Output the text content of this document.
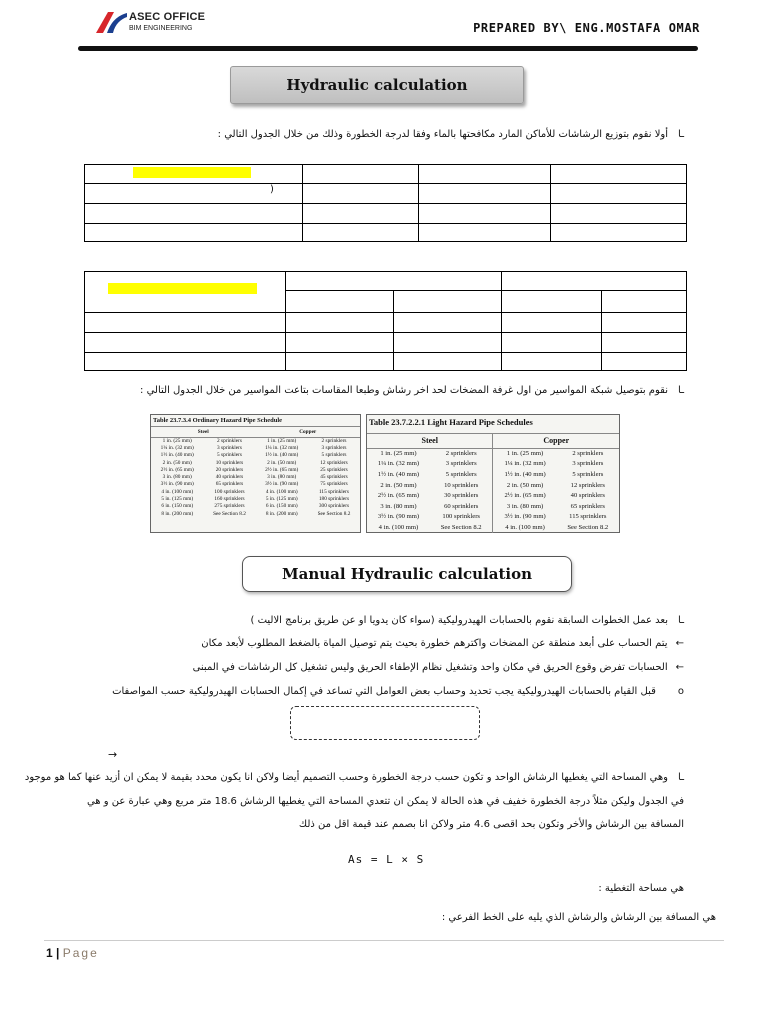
ASEC OFFICE
BIM ENGINEERING	PREPARED BY\ ENG.MOSTAFA OMAR
Hydraulic calculation
ـاأولا نقوم بتوزيع الرشاشات للأماكن المارد مكافحتها بالماء وفقا لدرجة الخطورة وذلك من خلال الجدول التالي :

)

ـانقوم بتوصيل شبكة المواسير من اول غرفة المضخات لحد اخر رشاش وطبعا المقاسات بتاعت المواسير من خلال الجدول التالي :
Table 23.7.3.4 Ordinary Hazard Pipe Schedule
Steel		Copper	
1 in. (25 mm)	2 sprinklers	1 in. (25 mm)	2 sprinklers
1¼ in. (32 mm)	3 sprinklers	1¼ in. (32 mm)	3 sprinklers
1½ in. (40 mm)	5 sprinklers	1½ in. (40 mm)	5 sprinklers
2 in. (50 mm)	10 sprinklers	2 in. (50 mm)	12 sprinklers
2½ in. (65 mm)	20 sprinklers	2½ in. (65 mm)	25 sprinklers
3 in. (80 mm)	40 sprinklers	3 in. (80 mm)	45 sprinklers
3½ in. (90 mm)	65 sprinklers	3½ in. (90 mm)	75 sprinklers
4 in. (100 mm)	100 sprinklers	4 in. (100 mm)	115 sprinklers
5 in. (125 mm)	160 sprinklers	5 in. (125 mm)	180 sprinklers
6 in. (150 mm)	275 sprinklers	6 in. (150 mm)	300 sprinklers
8 in. (200 mm)	See Section 8.2	8 in. (200 mm)	See Section 8.2
Table 23.7.2.2.1 Light Hazard Pipe Schedules
Steel		Copper	
1 in. (25 mm)	2 sprinklers	1 in. (25 mm)	2 sprinklers
1¼ in. (32 mm)	3 sprinklers	1¼ in. (32 mm)	3 sprinklers
1½ in. (40 mm)	5 sprinklers	1½ in. (40 mm)	5 sprinklers
2 in. (50 mm)	10 sprinklers	2 in. (50 mm)	12 sprinklers
2½ in. (65 mm)	30 sprinklers	2½ in. (65 mm)	40 sprinklers
3 in. (80 mm)	60 sprinklers	3 in. (80 mm)	65 sprinklers
3½ in. (90 mm)	100 sprinklers	3½ in. (90 mm)	115 sprinklers
4 in. (100 mm)	See Section 8.2	4 in. (100 mm)	See Section 8.2
Manual Hydraulic calculation
ـابعد عمل الخطوات السابقة نقوم بالحسابات الهيدروليكية (سواء كان يدويا او عن طريق برنامج الاليت )
←يتم الحساب على أبعد منطقة عن المضخات واكترهم خطورة بحيث يتم توصيل المياة بالضغط المطلوب لأبعد مكان
←الحسابات تفرض وقوع الحريق في مكان واحد وتشغيل نظام الإطفاء الحريق وليس تشغيل كل الرشاشات في المبنى
oقبل القيام بالحسابات الهيدروليكية يجب تحديد وحساب بعض العوامل التي تساعد في إكمال الحسابات الهيدروليكية حسب المواصفات
→
ـاوهي المساحة التي يغطيها الرشاش الواحد و تكون حسب درجة الخطورة وحسب التصميم أيضا ولاكن انا يكون محدد بقيمة لا يمكن ان أزيد عنها كما هو موجود
في الجدول وليكن مثلاً درجة الخطورة خفيف في هذه الحالة لا يمكن ان تتعدي المساحة التي يغطيها الرشاش 18.6 متر مربع وهي عبارة عن و هي
المسافة بين الرشاش والأخر وتكون بحد اقصى 4.6 متر ولاكن انا بصمم عند قيمة اقل من ذلك
As = L × S
هي مساحة التغطية :
هي المسافة بين الرشاش والرشاش الذي يليه على الخط الفرعي :
1 | Page
